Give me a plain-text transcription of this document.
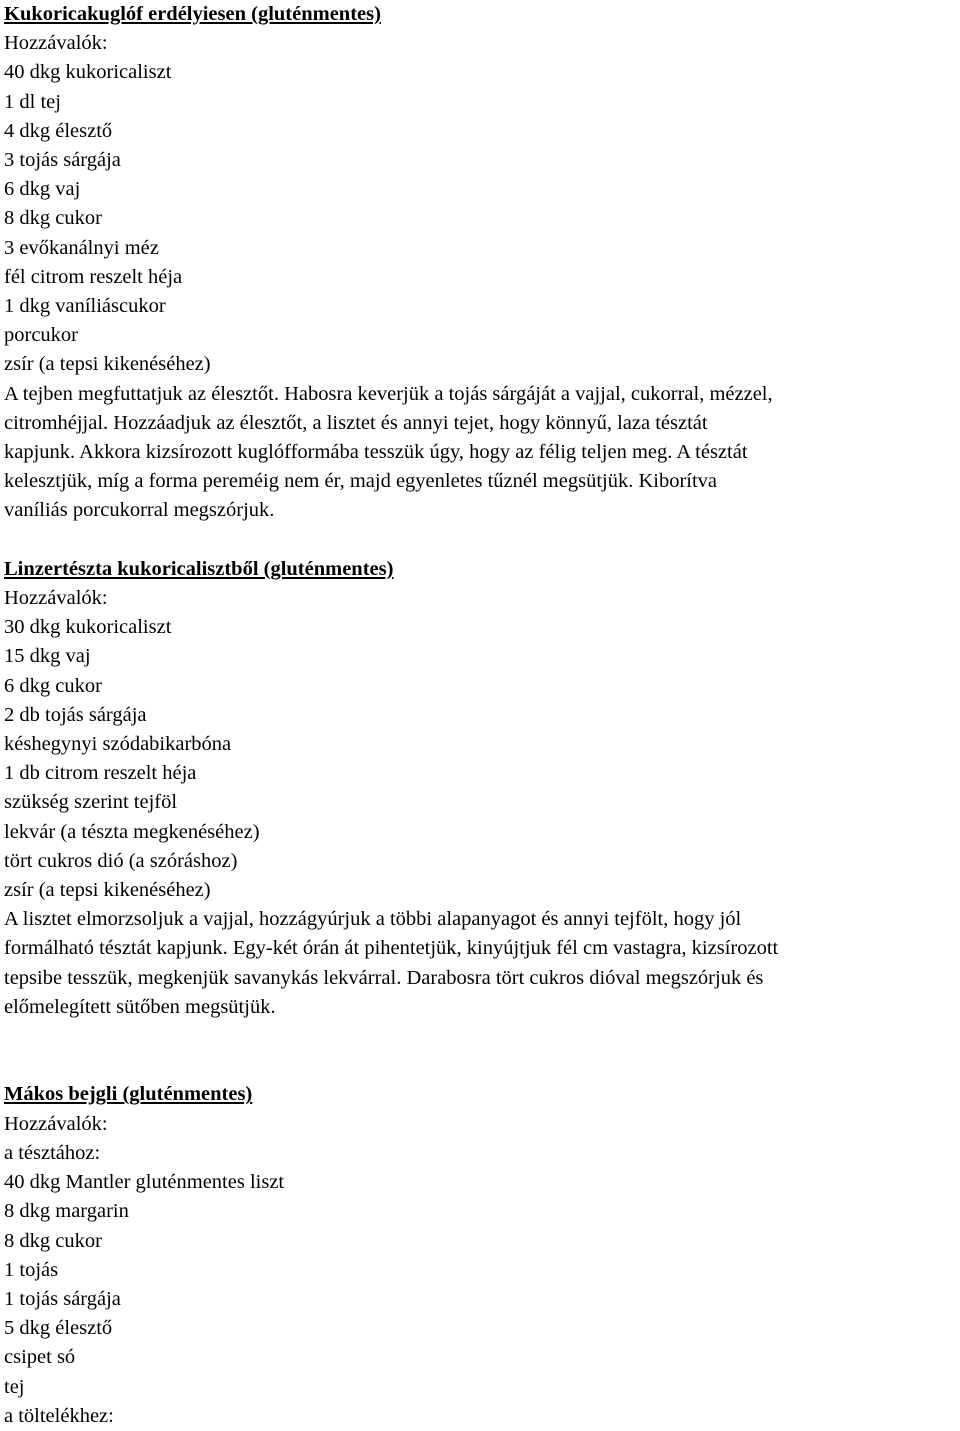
Kukoricakuglóf erdélyiesen (gluténmentes)

Hozzávalók:

40 dkg kukoricaliszt

1 dl tej

4 dkg élesztő

3 tojás sárgája

6 dkg vaj

8 dkg cukor

3 evőkanálnyi méz

fél citrom reszelt héja

1 dkg vaníliáscukor

porcukor

zsír (a tepsi kikenéséhez)

A tejben megfuttatjuk az élesztőt. Habosra keverjük a tojás sárgáját a vajjal, cukorral, mézzel,

citromhéjjal. Hozzáadjuk az élesztőt, a lisztet és annyi tejet, hogy könnyű, laza tésztát

kapjunk. Akkora kizsírozott kuglófformába tesszük úgy, hogy az félig teljen meg. A tésztát

kelesztjük, míg a forma pereméig nem ér, majd egyenletes tűznél megsütjük. Kiborítva

vaníliás porcukorral megszórjuk.

Linzertészta kukoricalisztből (gluténmentes)

Hozzávalók:

30 dkg kukoricaliszt

15 dkg vaj

6 dkg cukor

2 db tojás sárgája

késhegynyi szódabikarbóna

1 db citrom reszelt héja

szükség szerint tejföl

lekvár (a tészta megkenéséhez)

tört cukros dió (a szóráshoz)

zsír (a tepsi kikenéséhez)

A lisztet elmorzsoljuk a vajjal, hozzágyúrjuk a többi alapanyagot és annyi tejfölt, hogy jól

formálható tésztát kapjunk. Egy-két órán át pihentetjük, kinyújtjuk fél cm vastagra, kizsírozott

tepsibe tesszük, megkenjük savanykás lekvárral. Darabosra tört cukros dióval megszórjuk és

előmelegített sütőben megsütjük.

Mákos bejgli (gluténmentes)

Hozzávalók:

a tésztához:

40 dkg Mantler gluténmentes liszt

8 dkg margarin

8 dkg cukor

1 tojás

1 tojás sárgája

5 dkg élesztő

csipet só

tej

a töltelékhez:
